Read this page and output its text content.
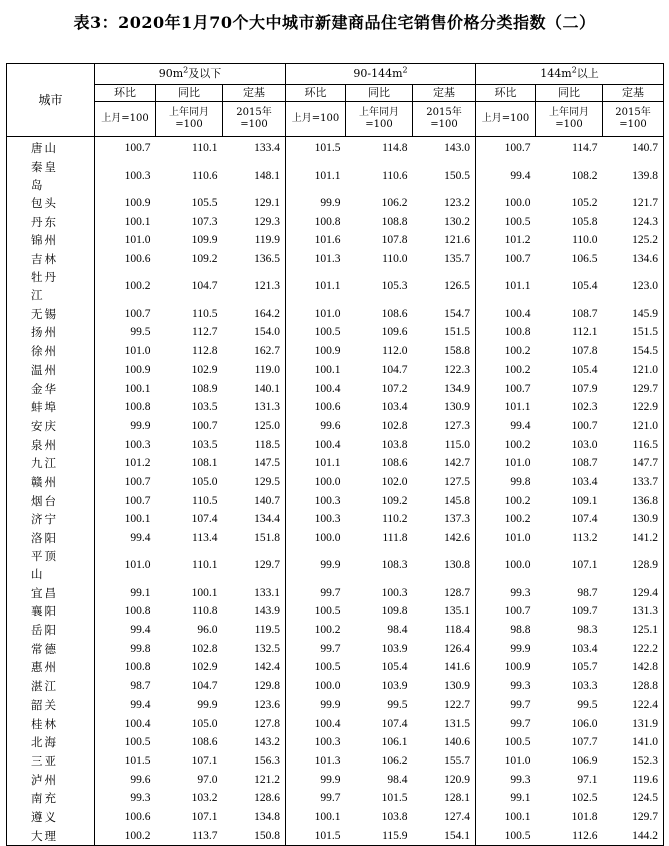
表3：2020年1月70个大中城市新建商品住宅销售价格分类指数（二）
城市	$90m^2$及以下			$90-144m^2$			$144m^2$以上		
	环比	同比	定基	环比	同比	定基	环比	同比	定基
	上月=100	上年同月=100	2015年=100	上月=100	上年同月=100	2015年=100	上月=100	上年同月=100	2015年=100
唐山	100.7	110.1	133.4	101.5	114.8	143.0	100.7	114.7	140.7
秦皇岛	100.3	110.6	148.1	101.1	110.6	150.5	99.4	108.2	139.8
包头	100.9	105.5	129.1	99.9	106.2	123.2	100.0	105.2	121.7
丹东	100.1	107.3	129.3	100.8	108.8	130.2	100.5	105.8	124.3
锦州	101.0	109.9	119.9	101.6	107.8	121.6	101.2	110.0	125.2
吉林	100.6	109.2	136.5	101.3	110.0	135.7	100.7	106.5	134.6
牡丹江	100.2	104.7	121.3	101.1	105.3	126.5	101.1	105.4	123.0
无锡	100.7	110.5	164.2	101.0	108.6	154.7	100.4	108.7	145.9
扬州	99.5	112.7	154.0	100.5	109.6	151.5	100.8	112.1	151.5
徐州	101.0	112.8	162.7	100.9	112.0	158.8	100.2	107.8	154.5
温州	100.9	102.9	119.0	100.1	104.7	122.3	100.2	105.4	121.0
金华	100.1	108.9	140.1	100.4	107.2	134.9	100.7	107.9	129.7
蚌埠	100.8	103.5	131.3	100.6	103.4	130.9	101.1	102.3	122.9
安庆	99.9	100.7	125.0	99.6	102.8	127.3	99.4	100.7	121.0
泉州	100.3	103.5	118.5	100.4	103.8	115.0	100.2	103.0	116.5
九江	101.2	108.1	147.5	101.1	108.6	142.7	101.0	108.7	147.7
赣州	100.7	105.0	129.5	100.0	102.0	127.5	99.8	103.4	133.7
烟台	100.7	110.5	140.7	100.3	109.2	145.8	100.2	109.1	136.8
济宁	100.1	107.4	134.4	100.3	110.2	137.3	100.2	107.4	130.9
洛阳	99.4	113.4	151.8	100.0	111.8	142.6	101.0	113.2	141.2
平顶山	101.0	110.1	129.7	99.9	108.3	130.8	100.0	107.1	128.9
宜昌	99.1	100.1	133.1	99.7	100.3	128.7	99.3	98.7	129.4
襄阳	100.8	110.8	143.9	100.5	109.8	135.1	100.7	109.7	131.3
岳阳	99.4	96.0	119.5	100.2	98.4	118.4	98.8	98.3	125.1
常德	99.8	102.8	132.5	99.7	103.9	126.4	99.9	103.4	122.2
惠州	100.8	102.9	142.4	100.5	105.4	141.6	100.9	105.7	142.8
湛江	98.7	104.7	129.8	100.0	103.9	130.9	99.3	103.3	128.8
韶关	99.4	99.9	123.6	99.9	99.5	122.7	99.7	99.5	122.4
桂林	100.4	105.0	127.8	100.4	107.4	131.5	99.7	106.0	131.9
北海	100.5	108.6	143.2	100.3	106.1	140.6	100.5	107.7	141.0
三亚	101.5	107.1	156.3	101.3	106.2	155.7	101.0	106.9	152.3
泸州	99.6	97.0	121.2	99.9	98.4	120.9	99.3	97.1	119.6
南充	99.3	103.2	128.6	99.7	101.5	128.1	99.1	102.5	124.5
遵义	100.6	107.1	134.8	100.1	103.8	127.4	100.1	101.8	129.7
大理	100.2	113.7	150.8	101.5	115.9	154.1	100.5	112.6	144.2
